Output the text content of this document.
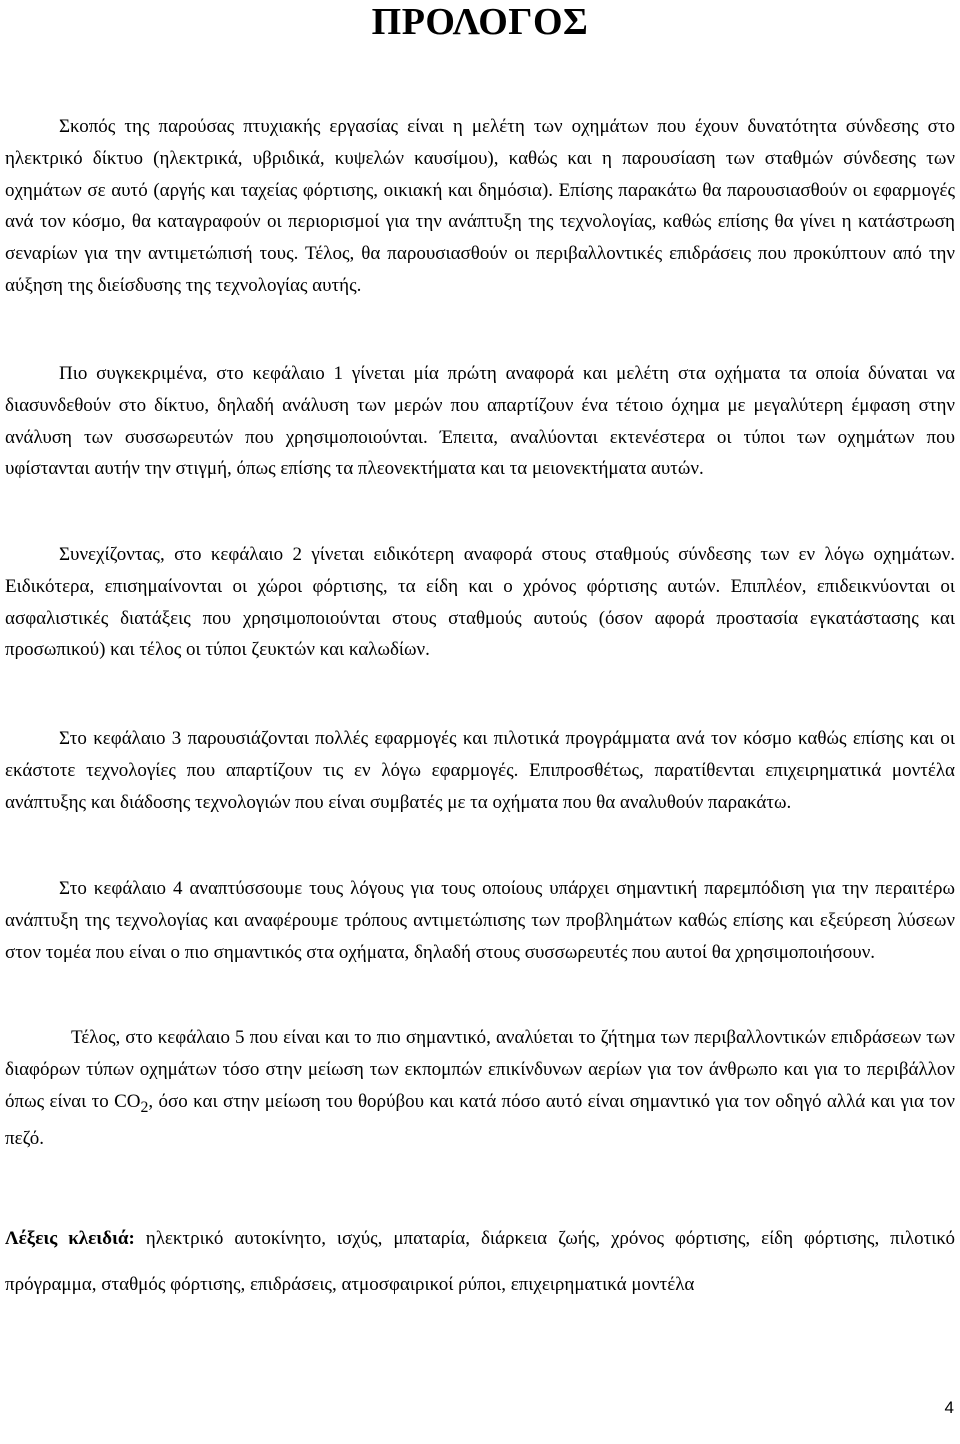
ΠΡΟΛΟΓΟΣ

Σκοπός της παρούσας πτυχιακής εργασίας είναι η μελέτη των οχημάτων που έχουν δυνατότητα σύνδεσης στο ηλεκτρικό δίκτυο (ηλεκτρικά, υβριδικά, κυψελών καυσίμου), καθώς και η παρουσίαση των σταθμών σύνδεσης των οχημάτων σε αυτό (αργής και ταχείας φόρτισης, οικιακή και δημόσια). Επίσης παρακάτω θα παρουσιασθούν οι εφαρμογές ανά τον κόσμο, θα καταγραφούν οι περιορισμοί για την ανάπτυξη της τεχνολογίας, καθώς επίσης θα γίνει η κατάστρωση σεναρίων για την αντιμετώπισή τους. Τέλος, θα παρουσιασθούν οι περιβαλλοντικές επιδράσεις που προκύπτουν από την αύξηση της διείσδυσης της τεχνολογίας αυτής.

Πιο συγκεκριμένα, στο κεφάλαιο 1 γίνεται μία πρώτη αναφορά και μελέτη στα οχήματα τα οποία δύναται να διασυνδεθούν στο δίκτυο, δηλαδή ανάλυση των μερών που απαρτίζουν ένα τέτοιο όχημα με μεγαλύτερη έμφαση στην ανάλυση των συσσωρευτών που χρησιμοποιούνται. Έπειτα, αναλύονται εκτενέστερα οι τύποι των οχημάτων που υφίστανται αυτήν την στιγμή, όπως επίσης τα πλεονεκτήματα και τα μειονεκτήματα αυτών.

Συνεχίζοντας, στο κεφάλαιο 2 γίνεται ειδικότερη αναφορά στους σταθμούς σύνδεσης των εν λόγω οχημάτων. Ειδικότερα, επισημαίνονται οι χώροι φόρτισης, τα είδη και ο χρόνος φόρτισης αυτών. Επιπλέον, επιδεικνύονται οι ασφαλιστικές διατάξεις που χρησιμοποιούνται στους σταθμούς αυτούς (όσον αφορά προστασία εγκατάστασης και προσωπικού) και τέλος οι τύποι ζευκτών και καλωδίων.

Στο κεφάλαιο 3 παρουσιάζονται πολλές εφαρμογές και πιλοτικά προγράμματα ανά τον κόσμο καθώς επίσης και οι εκάστοτε τεχνολογίες που απαρτίζουν τις εν λόγω εφαρμογές. Επιπροσθέτως, παρατίθενται επιχειρηματικά μοντέλα ανάπτυξης και διάδοσης τεχνολογιών που είναι συμβατές με τα οχήματα που θα αναλυθούν παρακάτω.

Στο κεφάλαιο 4 αναπτύσσουμε τους λόγους για τους οποίους υπάρχει σημαντική παρεμπόδιση για την περαιτέρω ανάπτυξη της τεχνολογίας και αναφέρουμε τρόπους αντιμετώπισης των προβλημάτων καθώς επίσης και εξεύρεση λύσεων στον τομέα που είναι ο πιο σημαντικός στα οχήματα, δηλαδή στους συσσωρευτές που αυτοί θα χρησιμοποιήσουν.

Τέλος, στο κεφάλαιο 5 που είναι και το πιο σημαντικό, αναλύεται το ζήτημα των περιβαλλοντικών επιδράσεων των διαφόρων τύπων οχημάτων τόσο στην μείωση των εκπομπών επικίνδυνων αερίων για τον άνθρωπο και για το περιβάλλον όπως είναι το $CO_2$, όσο και στην μείωση του θορύβου και κατά πόσο αυτό είναι σημαντικό για τον οδηγό αλλά και για τον πεζό.

Λέξεις κλειδιά: ηλεκτρικό αυτοκίνητο, ισχύς, μπαταρία, διάρκεια ζωής, χρόνος φόρτισης, είδη φόρτισης, πιλοτικό πρόγραμμα, σταθμός φόρτισης, επιδράσεις, ατμοσφαιρικοί ρύποι, επιχειρηματικά μοντέλα

4
